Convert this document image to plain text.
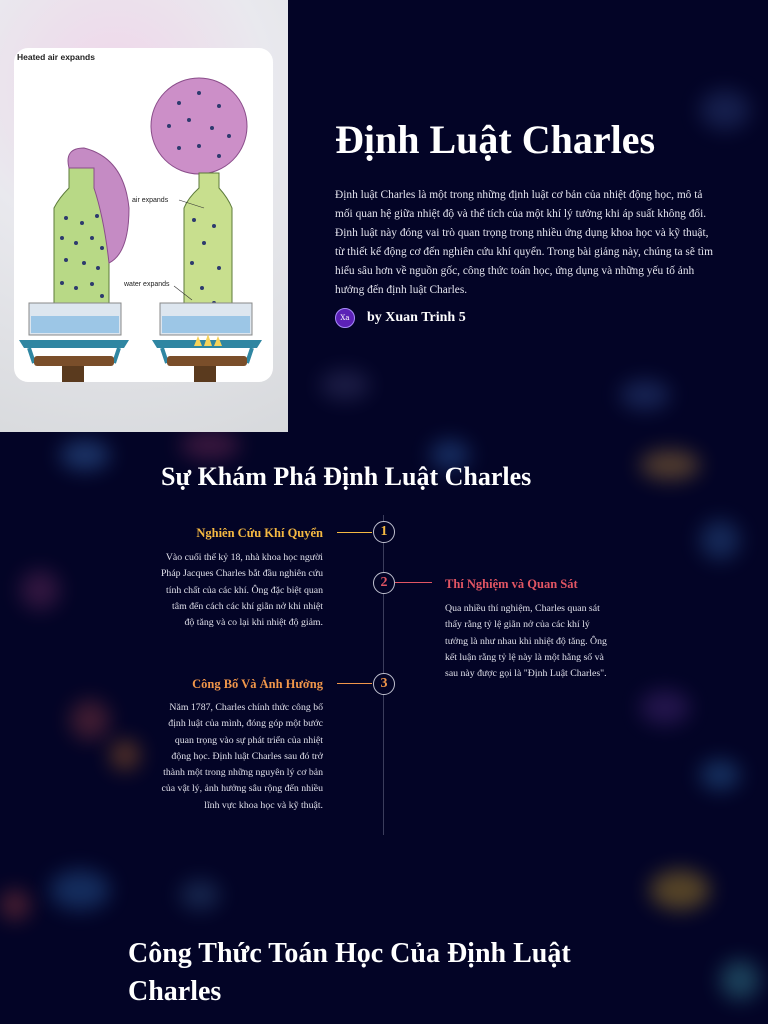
Heated air expands
air expands
water expands
Định Luật Charles

Định luật Charles là một trong những định luật cơ bản của nhiệt động học, mô tả mối quan hệ giữa nhiệt độ và thể tích của một khí lý tưởng khi áp suất không đổi. Định luật này đóng vai trò quan trọng trong nhiều ứng dụng khoa học và kỹ thuật, từ thiết kế động cơ đến nghiên cứu khí quyển. Trong bài giảng này, chúng ta sẽ tìm hiểu sâu hơn về nguồn gốc, công thức toán học, ứng dụng và những yếu tố ảnh hưởng đến định luật Charles.

Xa	by Xuan Trinh 5
Sự Khám Phá Định Luật Charles
1
Nghiên Cứu Khí Quyển
Vào cuối thế kỷ 18, nhà khoa học người Pháp Jacques Charles bắt đầu nghiên cứu tính chất của các khí. Ông đặc biệt quan tâm đến cách các khí giãn nở khi nhiệt độ tăng và co lại khi nhiệt độ giảm.
2	Thí Nghiệm và Quan Sát
Qua nhiều thí nghiệm, Charles quan sát thấy rằng tỷ lệ giãn nở của các khí lý tưởng là như nhau khi nhiệt độ tăng. Ông kết luận rằng tỷ lệ này là một hằng số và sau này được gọi là "Định Luật Charles".
3
Công Bố Và Ảnh Hưởng
Năm 1787, Charles chính thức công bố định luật của mình, đóng góp một bước quan trọng vào sự phát triển của nhiệt động học. Định luật Charles sau đó trở thành một trong những nguyên lý cơ bản của vật lý, ảnh hưởng sâu rộng đến nhiều lĩnh vực khoa học và kỹ thuật.
Công Thức Toán Học Của Định Luật Charles
